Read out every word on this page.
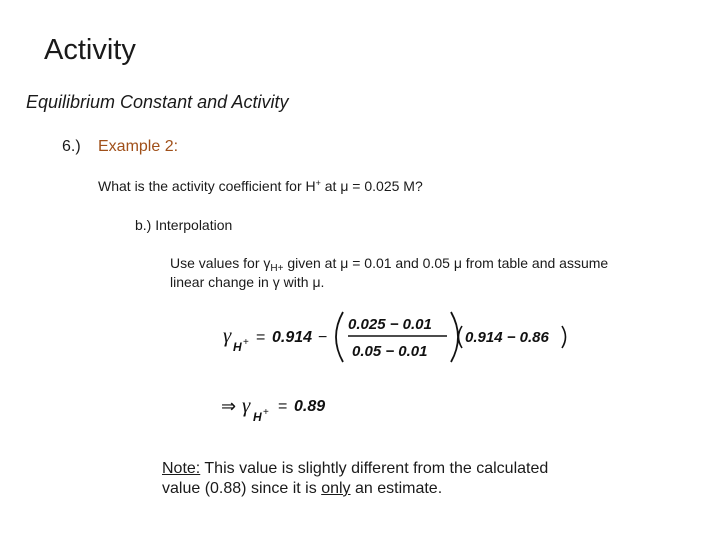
Activity
Equilibrium Constant and Activity
6.) Example 2:
What is the activity coefficient for H+ at μ = 0.025 M?
b.) Interpolation
Use values for $\gamma_{H+}$ given at μ = 0.01 and 0.05 μ from table and assume
linear change in γ with μ.
γ H + = 0.914 −
0.025 − 0.01
0.05 − 0.01
0.914 − 0.86
⇒ γ H + = 0.89
Note: This value is slightly different from the calculated
value (0.88) since it is only an estimate.
